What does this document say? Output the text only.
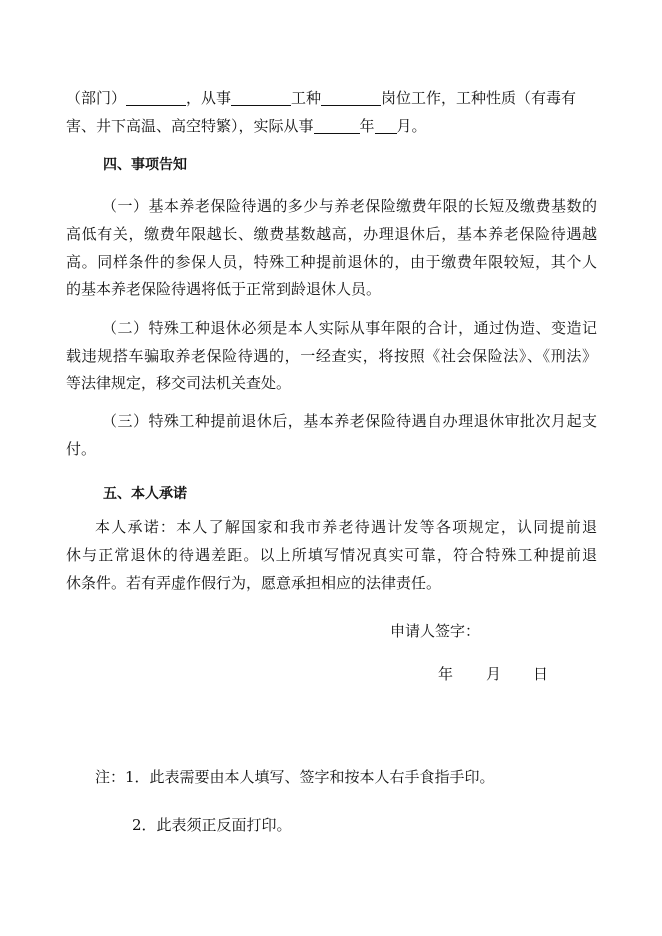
（部门）	，从事	工种	岗位工作，工种性质（有毒有
害、井下高温、高空特繁），实际从事	年 月。
四、事项告知
（一）基本养老保险待遇的多少与养老保险缴费年限的长短及缴费基数的
高低有关，缴费年限越长、缴费基数越高，办理退休后，基本养老保险待遇越
高。同样条件的参保人员，特殊工种提前退休的，由于缴费年限较短，其个人
的基本养老保险待遇将低于正常到龄退休人员。
（二）特殊工种退休必须是本人实际从事年限的合计，通过伪造、变造记
载违规搭车骗取养老保险待遇的，一经查实，将按照《社会保险法》、《刑法》
等法律规定，移交司法机关查处。
（三）特殊工种提前退休后，基本养老保险待遇自办理退休审批次月起支
付。
五、本人承诺
本人承诺：本人了解国家和我市养老待遇计发等各项规定，认同提前退
休与正常退休的待遇差距。以上所填写情况真实可靠，符合特殊工种提前退
休条件。若有弄虚作假行为，愿意承担相应的法律责任。
申请人签字：
年 月 日
注：1．此表需要由本人填写、签字和按本人右手食指手印。
2．此表须正反面打印。
